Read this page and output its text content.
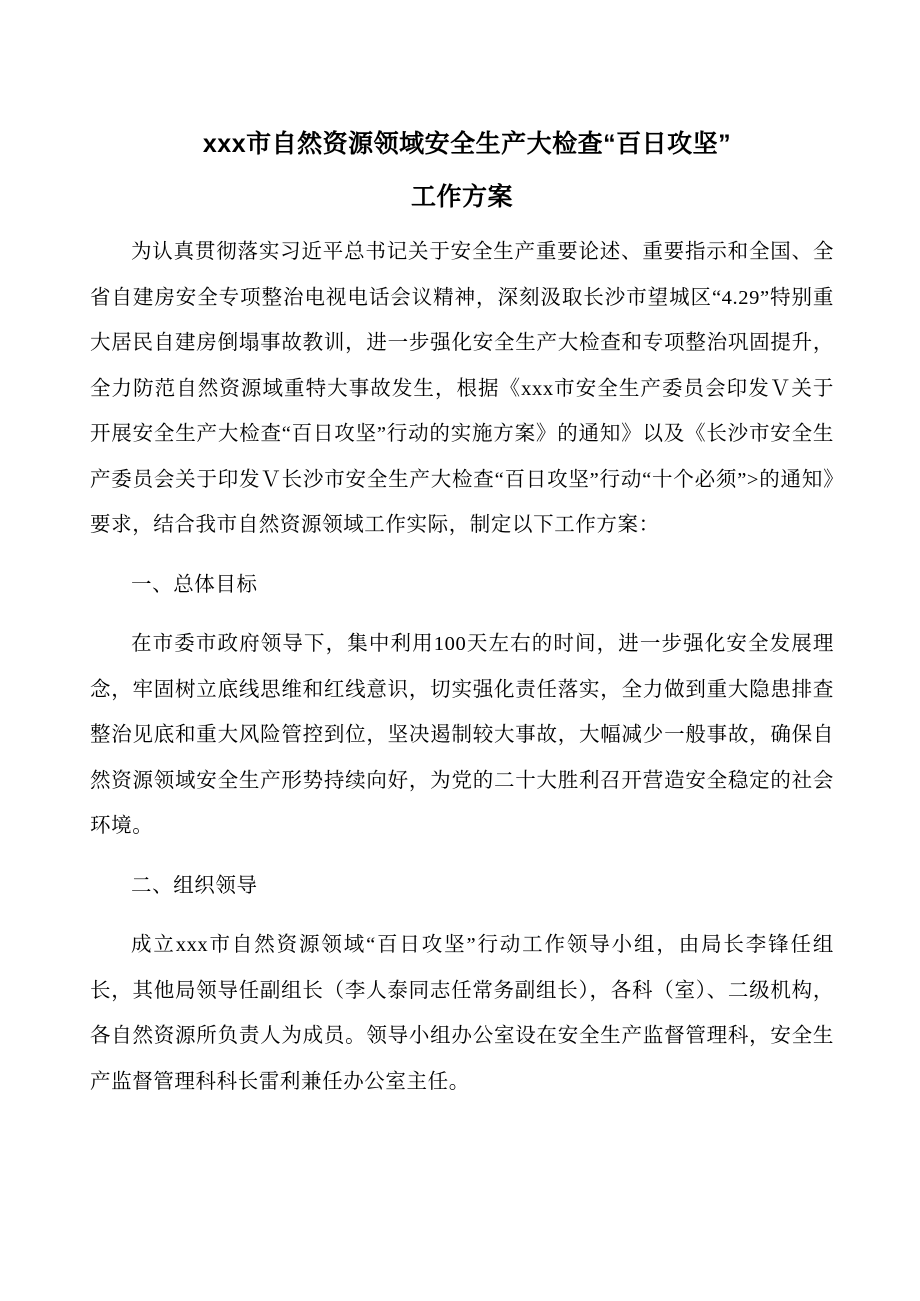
xxx市自然资源领域安全生产大检查“百日攻坚”
工作方案

为认真贯彻落实习近平总书记关于安全生产重要论述、重要指示和全国、全省自建房安全专项整治电视电话会议精神，深刻汲取长沙市望城区“4.29”特别重大居民自建房倒塌事故教训，进一步强化安全生产大检查和专项整治巩固提升，全力防范自然资源域重特大事故发生，根据《xxx市安全生产委员会印发Ｖ关于开展安全生产大检查“百日攻坚”行动的实施方案》的通知》以及《长沙市安全生产委员会关于印发Ｖ长沙市安全生产大检查“百日攻坚”行动“十个必须”>的通知》要求，结合我市自然资源领域工作实际，制定以下工作方案：

一、总体目标

在市委市政府领导下，集中利用100天左右的时间，进一步强化安全发展理念，牢固树立底线思维和红线意识，切实强化责任落实，全力做到重大隐患排查整治见底和重大风险管控到位，坚决遏制较大事故，大幅减少一般事故，确保自然资源领域安全生产形势持续向好，为党的二十大胜利召开营造安全稳定的社会环境。

二、组织领导

成立xxx市自然资源领域“百日攻坚”行动工作领导小组，由局长李锋任组长，其他局领导任副组长（李人泰同志任常务副组长），各科（室）、二级机构，各自然资源所负责人为成员。领导小组办公室设在安全生产监督管理科，安全生产监督管理科科长雷利兼任办公室主任。
